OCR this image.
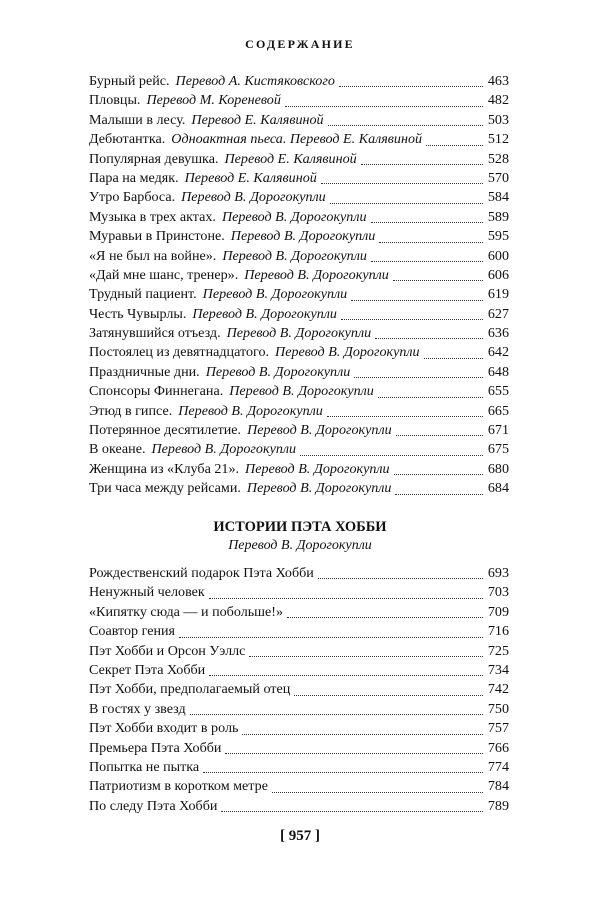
СОДЕРЖАНИЕ
Бурный рейс. Перевод А. Кистяковского	463
Пловцы. Перевод М. Кореневой	482
Малыши в лесу. Перевод Е. Калявиной	503
Дебютантка. Одноактная пьеса. Перевод Е. Калявиной	512
Популярная девушка. Перевод Е. Калявиной	528
Пара на медяк. Перевод Е. Калявиной	570
Утро Барбоса. Перевод В. Дорогокупли	584
Музыка в трех актах. Перевод В. Дорогокупли	589
Муравьи в Принстоне. Перевод В. Дорогокупли	595
«Я не был на войне». Перевод В. Дорогокупли	600
«Дай мне шанс, тренер». Перевод В. Дорогокупли	606
Трудный пациент. Перевод В. Дорогокупли	619
Честь Чувырлы. Перевод В. Дорогокупли	627
Затянувшийся отъезд. Перевод В. Дорогокупли	636
Постоялец из девятнадцатого. Перевод В. Дорогокупли	642
Праздничные дни. Перевод В. Дорогокупли	648
Спонсоры Финнегана. Перевод В. Дорогокупли	655
Этюд в гипсе. Перевод В. Дорогокупли	665
Потерянное десятилетие. Перевод В. Дорогокупли	671
В океане. Перевод В. Дорогокупли	675
Женщина из «Клуба 21». Перевод В. Дорогокупли	680
Три часа между рейсами. Перевод В. Дорогокупли	684
ИСТОРИИ ПЭТА ХОББИ
Перевод В. Дорогокупли
Рождественский подарок Пэта Хобби	693
Ненужный человек	703
«Кипятку сюда — и побольше!»	709
Соавтор гения	716
Пэт Хобби и Орсон Уэллс	725
Секрет Пэта Хобби	734
Пэт Хобби, предполагаемый отец	742
В гостях у звезд	750
Пэт Хобби входит в роль	757
Премьера Пэта Хобби	766
Попытка не пытка	774
Патриотизм в коротком метре	784
По следу Пэта Хобби	789
[ 957 ]
